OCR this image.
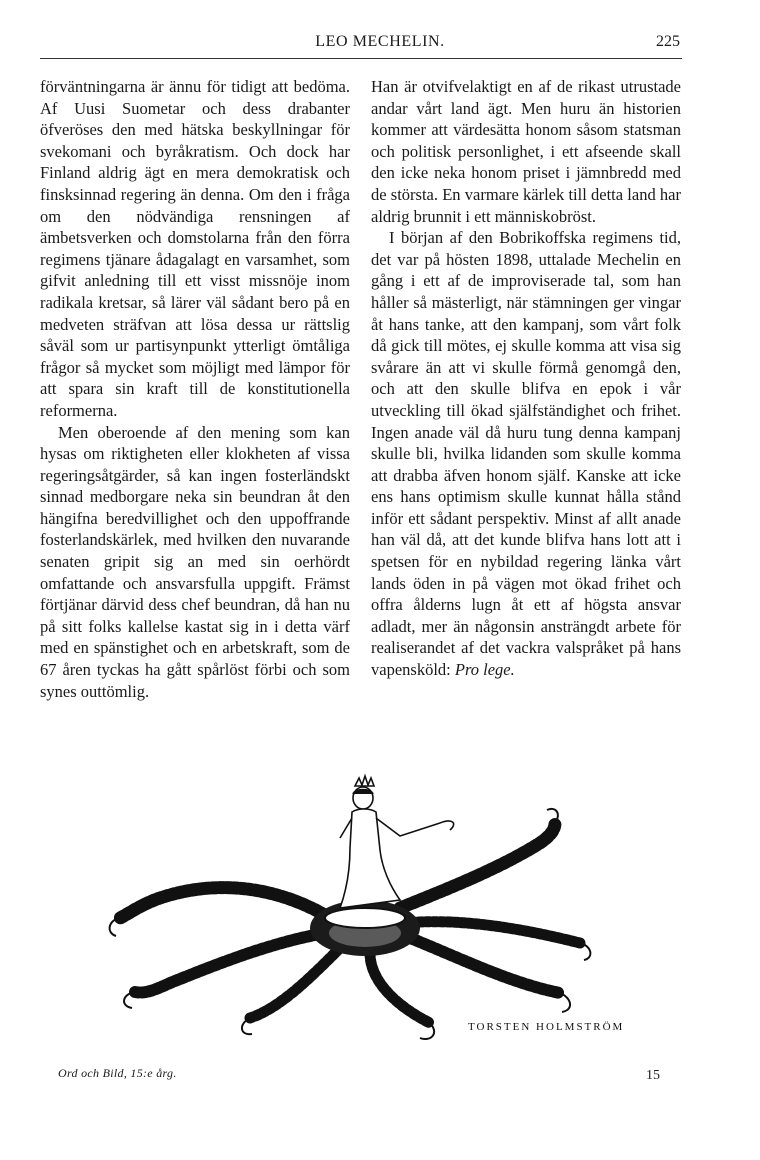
LEO MECHELIN.	225

förväntningarna är ännu för tidigt att bedöma. Af Uusi Suometar och dess drabanter öfveröses den med hätska beskyllningar för svekomani och byråkratism. Och dock har Finland aldrig ägt en mera demokratisk och finsksinnad regering än denna. Om den i fråga om den nödvändiga rensningen af ämbetsverken och domstolarna från den förra regimens tjänare ådagalagt en varsamhet, som gifvit anledning till ett visst missnöje inom radikala kretsar, så lärer väl sådant bero på en medveten sträfvan att lösa dessa ur rättslig såväl som ur partisynpunkt ytterligt ömtåliga frågor så mycket som möjligt med lämpor för att spara sin kraft till de konstitutionella reformerna.

Men oberoende af den mening som kan hysas om riktigheten eller klokheten af vissa regeringsåtgärder, så kan ingen fosterländskt sinnad medborgare neka sin beundran åt den hängifna beredvillighet och den uppoffrande fosterlandskärlek, med hvilken den nuvarande senaten gripit sig an med sin oerhördt omfattande och ansvarsfulla uppgift. Främst förtjänar därvid dess chef beundran, då han nu på sitt folks kallelse kastat sig in i detta värf med en spänstighet och en arbetskraft, som de 67 åren tyckas ha gått spårlöst förbi och som synes outtömlig.

Han är otvifvelaktigt en af de rikast utrustade andar vårt land ägt. Men huru än historien kommer att värdesätta honom såsom statsman och politisk personlighet, i ett afseende skall den icke neka honom priset i jämnbredd med de största. En varmare kärlek till detta land har aldrig brunnit i ett människobröst.

I början af den Bobrikoffska regimens tid, det var på hösten 1898, uttalade Mechelin en gång i ett af de improviserade tal, som han håller så mästerligt, när stämningen ger vingar åt hans tanke, att den kampanj, som vårt folk då gick till mötes, ej skulle komma att visa sig svårare än att vi skulle förmå genomgå den, och att den skulle blifva en epok i vår utveckling till ökad själfständighet och frihet. Ingen anade väl då huru tung denna kampanj skulle bli, hvilka lidanden som skulle komma att drabba äfven honom själf. Kanske att icke ens hans optimism skulle kunnat hålla stånd inför ett sådant perspektiv. Minst af allt anade han väl då, att det kunde blifva hans lott att i spetsen för en nybildad regering länka vårt lands öden in på vägen mot ökad frihet och offra ålderns lugn åt ett af högsta ansvar adladt, mer än någonsin ansträngdt arbete för realiserandet af det vackra valspråket på hans vapensköld: Pro lege.

TORSTEN HOLMSTRÖM
Ord och Bild, 15:e årg.	15
